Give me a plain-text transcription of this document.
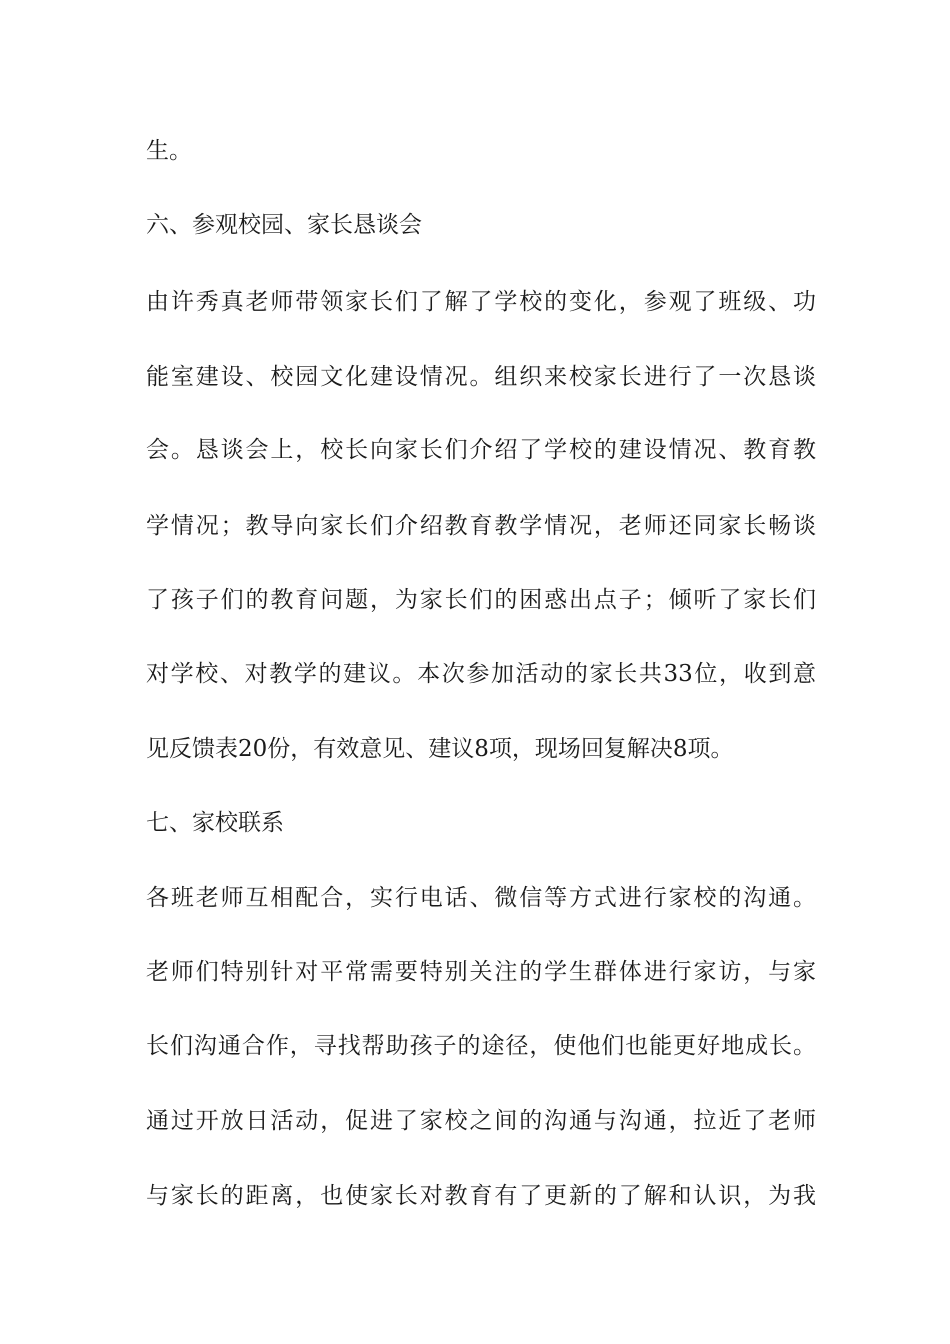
生。
六、参观校园、家长恳谈会
由许秀真老师带领家长们了解了学校的变化，参观了班级、功
能室建设、校园文化建设情况。组织来校家长进行了一次恳谈
会。恳谈会上，校长向家长们介绍了学校的建设情况、教育教
学情况；教导向家长们介绍教育教学情况，老师还同家长畅谈
了孩子们的教育问题，为家长们的困惑出点子；倾听了家长们
对学校、对教学的建议。本次参加活动的家长共33位，收到意
见反馈表20份，有效意见、建议8项，现场回复解决8项。
七、家校联系
各班老师互相配合，实行电话、微信等方式进行家校的沟通。
老师们特别针对平常需要特别关注的学生群体进行家访，与家
长们沟通合作，寻找帮助孩子的途径，使他们也能更好地成长。
通过开放日活动，促进了家校之间的沟通与沟通，拉近了老师
与家长的距离，也使家长对教育有了更新的了解和认识，为我
